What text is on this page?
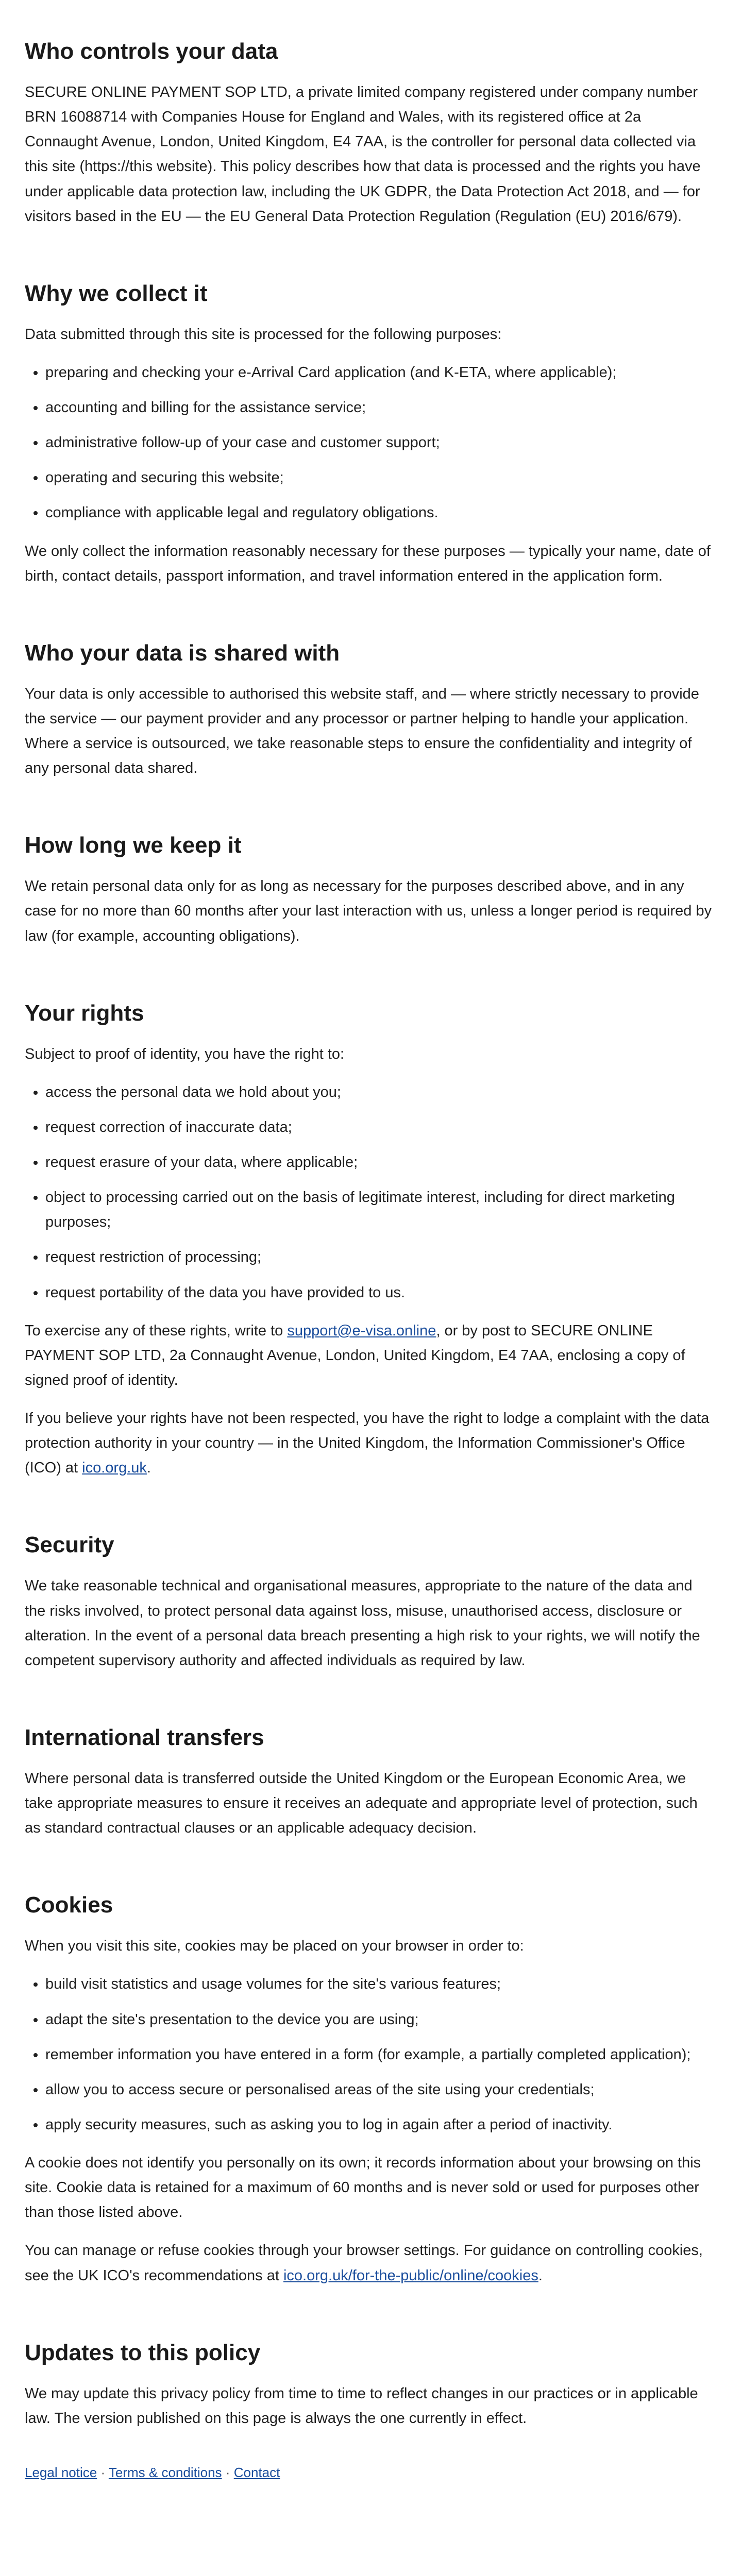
Who controls your data

SECURE ONLINE PAYMENT SOP LTD, a private limited company registered under company number BRN 16088714 with Companies House for England and Wales, with its registered office at 2a Connaught Avenue, London, United Kingdom, E4 7AA, is the controller for personal data collected via this site (https://this website). This policy describes how that data is processed and the rights you have under applicable data protection law, including the UK GDPR, the Data Protection Act 2018, and — for visitors based in the EU — the EU General Data Protection Regulation (Regulation (EU) 2016/679).

Why we collect it

Data submitted through this site is processed for the following purposes:

• preparing and checking your e-Arrival Card application (and K-ETA, where applicable);
• accounting and billing for the assistance service;
• administrative follow-up of your case and customer support;
• operating and securing this website;
• compliance with applicable legal and regulatory obligations.

We only collect the information reasonably necessary for these purposes — typically your name, date of birth, contact details, passport information, and travel information entered in the application form.

Who your data is shared with

Your data is only accessible to authorised this website staff, and — where strictly necessary to provide the service — our payment provider and any processor or partner helping to handle your application. Where a service is outsourced, we take reasonable steps to ensure the confidentiality and integrity of any personal data shared.

How long we keep it

We retain personal data only for as long as necessary for the purposes described above, and in any case for no more than 60 months after your last interaction with us, unless a longer period is required by law (for example, accounting obligations).

Your rights

Subject to proof of identity, you have the right to:

• access the personal data we hold about you;
• request correction of inaccurate data;
• request erasure of your data, where applicable;
• object to processing carried out on the basis of legitimate interest, including for direct marketing purposes;
• request restriction of processing;
• request portability of the data you have provided to us.

To exercise any of these rights, write to support@e-visa.online, or by post to SECURE ONLINE PAYMENT SOP LTD, 2a Connaught Avenue, London, United Kingdom, E4 7AA, enclosing a copy of signed proof of identity.

If you believe your rights have not been respected, you have the right to lodge a complaint with the data protection authority in your country — in the United Kingdom, the Information Commissioner's Office (ICO) at ico.org.uk.

Security

We take reasonable technical and organisational measures, appropriate to the nature of the data and the risks involved, to protect personal data against loss, misuse, unauthorised access, disclosure or alteration. In the event of a personal data breach presenting a high risk to your rights, we will notify the competent supervisory authority and affected individuals as required by law.

International transfers

Where personal data is transferred outside the United Kingdom or the European Economic Area, we take appropriate measures to ensure it receives an adequate and appropriate level of protection, such as standard contractual clauses or an applicable adequacy decision.

Cookies

When you visit this site, cookies may be placed on your browser in order to:

• build visit statistics and usage volumes for the site's various features;
• adapt the site's presentation to the device you are using;
• remember information you have entered in a form (for example, a partially completed application);
• allow you to access secure or personalised areas of the site using your credentials;
• apply security measures, such as asking you to log in again after a period of inactivity.

A cookie does not identify you personally on its own; it records information about your browsing on this site. Cookie data is retained for a maximum of 60 months and is never sold or used for purposes other than those listed above.

You can manage or refuse cookies through your browser settings. For guidance on controlling cookies, see the UK ICO's recommendations at ico.org.uk/for-the-public/online/cookies.

Updates to this policy

We may update this privacy policy from time to time to reflect changes in our practices or in applicable law. The version published on this page is always the one currently in effect.

Legal notice · Terms & conditions · Contact
